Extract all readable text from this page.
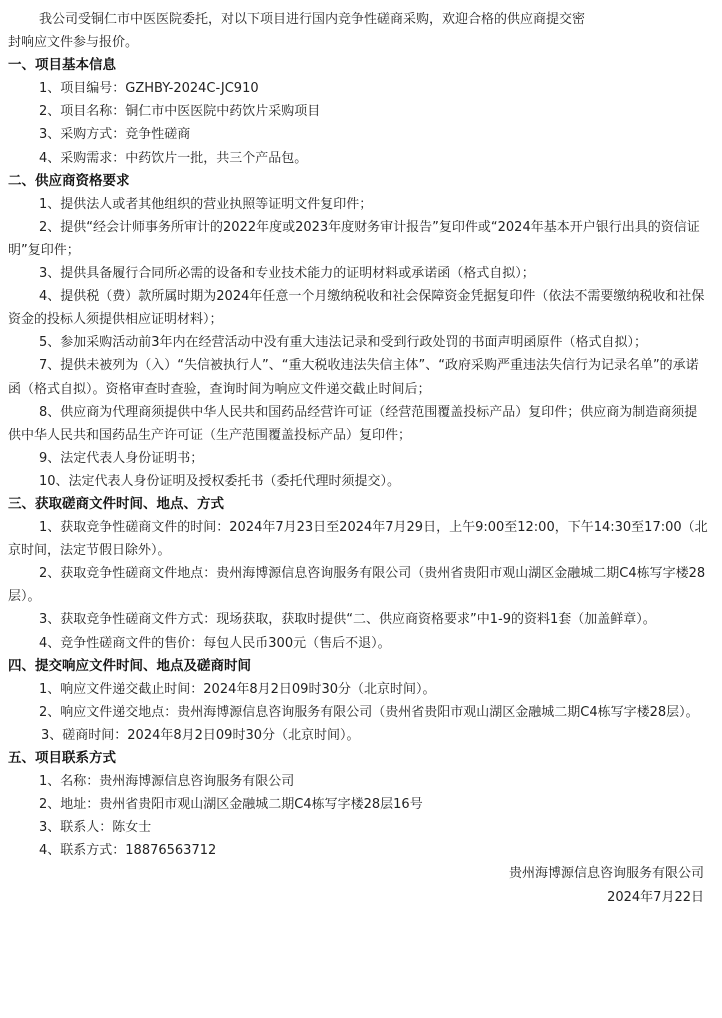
我公司受铜仁市中医医院委托，对以下项目进行国内竞争性磋商采购，欢迎合格的供应商提交密
封响应文件参与报价。
一、项目基本信息
1、项目编号：GZHBY-2024C-JC910
2、项目名称：铜仁市中医医院中药饮片采购项目
3、采购方式：竞争性磋商
4、采购需求：中药饮片一批，共三个产品包。
二、供应商资格要求
1、提供法人或者其他组织的营业执照等证明文件复印件；
2、提供“经会计师事务所审计的2022年度或2023年度财务审计报告”复印件或“2024年基本开户银行出具的资信证明”复印件；
3、提供具备履行合同所必需的设备和专业技术能力的证明材料或承诺函（格式自拟）；
4、提供税（费）款所属时期为2024年任意一个月缴纳税收和社会保障资金凭据复印件（依法不需要缴纳税收和社保资金的投标人须提供相应证明材料）；
5、参加采购活动前3年内在经营活动中没有重大违法记录和受到行政处罚的书面声明函原件（格式自拟）；
7、提供未被列为（入）“失信被执行人”、“重大税收违法失信主体”、“政府采购严重违法失信行为记录名单”的承诺函（格式自拟）。资格审查时查验，查询时间为响应文件递交截止时间后；
8、供应商为代理商须提供中华人民共和国药品经营许可证（经营范围覆盖投标产品）复印件；供应商为制造商须提供中华人民共和国药品生产许可证（生产范围覆盖投标产品）复印件；
9、法定代表人身份证明书；
10、法定代表人身份证明及授权委托书（委托代理时须提交）。
三、获取磋商文件时间、地点、方式
1、获取竞争性磋商文件的时间：2024年7月23日至2024年7月29日，上午9:00至12:00，下午14:30至17:00（北京时间，法定节假日除外）。
2、获取竞争性磋商文件地点：贵州海博源信息咨询服务有限公司（贵州省贵阳市观山湖区金融城二期C4栋写字楼28层）。
3、获取竞争性磋商文件方式：现场获取，获取时提供“二、供应商资格要求”中1-9的资料1套（加盖鲜章）。
4、竞争性磋商文件的售价：每包人民币300元（售后不退）。
四、提交响应文件时间、地点及磋商时间
1、响应文件递交截止时间：2024年8月2日09时30分（北京时间）。
2、响应文件递交地点：贵州海博源信息咨询服务有限公司（贵州省贵阳市观山湖区金融城二期C4栋写字楼28层）。
3、磋商时间：2024年8月2日09时30分（北京时间）。
五、项目联系方式
1、名称：贵州海博源信息咨询服务有限公司
2、地址：贵州省贵阳市观山湖区金融城二期C4栋写字楼28层16号
3、联系人：陈女士
4、联系方式：18876563712
贵州海博源信息咨询服务有限公司
2024年7月22日
